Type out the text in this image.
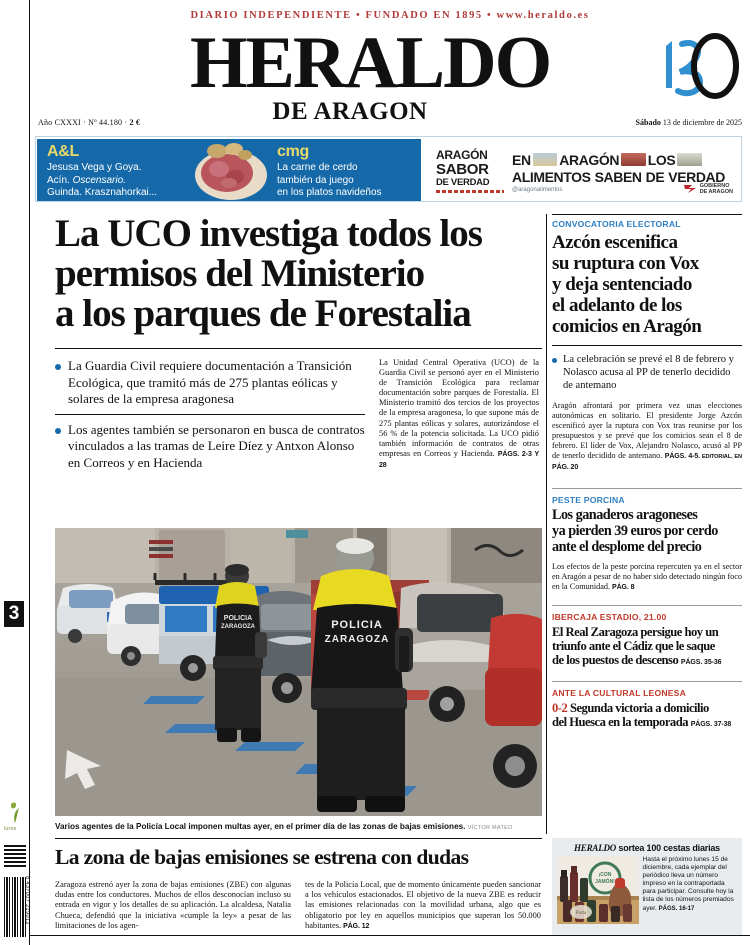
3
lurne
8 437007 219012
DIARIO INDEPENDIENTE • FUNDADO EN 1895 • www.heraldo.es
HERALDO
DE ARAGON
Año CXXXI · Nº 44.180 · 2 €	Sábado 13 de diciembre de 2025
A&L
Jesusa Vega y Goya.
Acín. Oscensario.
Guinda. Krasznahorkai...
cmg
La carne de cerdo
también da juego
en los platos navideños
ARAGÓN
SABOR
DE VERDAD
EN ARAGÓN LOS
ALIMENTOS SABEN DE VERDAD
@aragonalimentos
GOBIERNO
DE ARAGON
La UCO investiga todos los
permisos del Ministerio
a los parques de Forestalia
La Guardia Civil requiere documentación a Transición Ecológica, que tramitó más de 275 plantas eólicas y solares de la empresa aragonesa
Los agentes también se personaron en busca de contratos vinculados a las tramas de Leire Díez y Antxon Alonso en Correos y en Hacienda
La Unidad Central Operativa (UCO) de la Guardia Civil se personó ayer en el Ministerio de Transición Ecológica para reclamar documentación sobre parques de Forestalia. El Ministerio tramitó dos tercios de los proyectos de la empresa aragonesa, lo que supone más de 275 plantas eólicas y solares, autorizándose el 56 % de la potencia solicitada. La UCO pidió también información de contratos de otras empresas en Correos y Hacienda. PÁGS. 2-3 Y 28
POLICIA
ZARAGOZA	POLICIA
ZARAGOZA
Varios agentes de la Policía Local imponen multas ayer, en el primer día de las zonas de bajas emisiones. VÍCTOR MATEO
La zona de bajas emisiones se estrena con dudas
Zaragoza estrenó ayer la zona de bajas emisiones (ZBE) con algunas dudas entre los conductores. Muchos de ellos desconocían incluso su entrada en vigor y los detalles de su aplicación. La alcaldesa, Natalia Chueca, defendió que la iniciativa «cumple la ley» a pesar de las limitaciones de los agen-
tes de la Policía Local, que de momento únicamente pueden sancionar a los vehículos estacionados. El objetivo de la nueva ZBE es reducir las emisiones relacionadas con la movilidad urbana, algo que es obligatorio por ley en aquellos municipios que superan los 50.000 habitantes. PÁG. 12
CONVOCATORIA ELECTORAL
Azcón escenifica
su ruptura con Vox
y deja sentenciado
el adelanto de los
comicios en Aragón
La celebración se prevé el 8 de febrero y Nolasco acusa al PP de tenerlo decidido de antemano
Aragón afrontará por primera vez unas elecciones autonómicas en solitario. El presidente Jorge Azcón escenificó ayer la ruptura con Vox tras reunirse por los presupuestos y se prevé que los comicios sean el 8 de febrero. El líder de Vox, Alejandro Nolasco, acusó al PP de tenerlo decidido de antemano. PÁGS. 4-5. EDITORIAL, EN PÁG. 20
PESTE PORCINA
Los ganaderos aragoneses
ya pierden 39 euros por cerdo
ante el desplome del precio
Los efectos de la peste porcina repercuten ya en el sector en Aragón a pesar de no haber sido detectado ningún foco en la Comunidad. PÁG. 8
IBERCAJA ESTADIO, 21.00
El Real Zaragoza persigue hoy un
triunfo ante el Cádiz que le saque
de los puestos de descenso PÁGS. 35-36
ANTE LA CULTURAL LEONESA
0-2 Segunda victoria a domicilio
del Huesca en la temporada PÁGS. 37-38
HERALDO sortea 100 cestas diarias
¡CON
JAMÓN!
Porta
Hasta el próximo lunes 15 de diciembre, cada ejemplar del periódico lleva un número impreso en la contraportada para participar. Consulte hoy la lista de los números premiados ayer. PÁGS. 16-17
